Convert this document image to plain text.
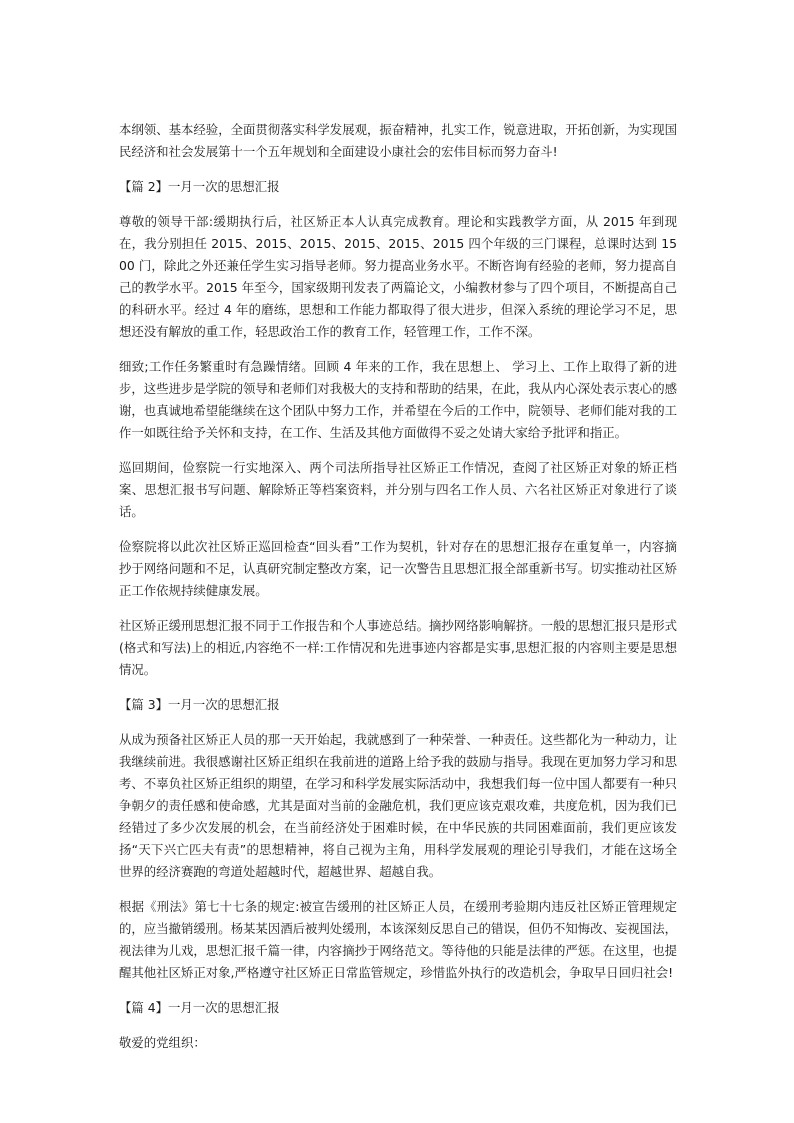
本纲领、基本经验，全面贯彻落实科学发展观，振奋精神，扎实工作，锐意进取，开拓创新，为实现国民经济和社会发展第十一个五年规划和全面建设小康社会的宏伟目标而努力奋斗!

【篇 2】一月一次的思想汇报

尊敬的领导干部:缓期执行后，社区矫正本人认真完成教育。理论和实践教学方面，从 2015 年到现在，我分别担任 2015、2015、2015、2015、2015、2015 四个年级的三门课程，总课时达到 1500 门，除此之外还兼任学生实习指导老师。努力提高业务水平。不断咨询有经验的老师，努力提高自己的教学水平。2015 年至今，国家级期刊发表了两篇论文，小编教材参与了四个项目，不断提高自己的科研水平。经过 4 年的磨练，思想和工作能力都取得了很大进步，但深入系统的理论学习不足，思想还没有解放的重工作，轻思政治工作的教育工作，轻管理工作，工作不深。

细致;工作任务繁重时有急躁情绪。回顾 4 年来的工作，我在思想上、 学习上、工作上取得了新的进步，这些进步是学院的领导和老师们对我极大的支持和帮助的结果，在此，我从内心深处表示衷心的感谢，也真诚地希望能继续在这个团队中努力工作，并希望在今后的工作中，院领导、老师们能对我的工作一如既往给予关怀和支持，在工作、生活及其他方面做得不妥之处请大家给予批评和指正。

巡回期间，俭察院一行实地深入、两个司法所指导社区矫正工作情况，查阅了社区矫正对象的矫正档案、思想汇报书写问题、解除矫正等档案资料，并分别与四名工作人员、六名社区矫正对象进行了谈话。

俭察院将以此次社区矫正巡回检查“回头看”工作为契机，针对存在的思想汇报存在重复单一，内容摘抄于网络问题和不足，认真研究制定整改方案，记一次警告且思想汇报全部重新书写。切实推动社区矫正工作依规持续健康发展。

社区矫正缓刑思想汇报不同于工作报告和个人事迹总结。摘抄网络影响解挤。一般的思想汇报只是形式(格式和写法)上的相近,内容绝不一样:工作情况和先进事迹内容都是实事,思想汇报的内容则主要是思想情况。

【篇 3】一月一次的思想汇报

从成为预备社区矫正人员的那一天开始起，我就感到了一种荣誉、一种责任。这些都化为一种动力，让我继续前进。我很感谢社区矫正组织在我前进的道路上给予我的鼓励与指导。我现在更加努力学习和思考、不辜负社区矫正组织的期望，在学习和科学发展实际活动中，我想我们每一位中国人都要有一种只争朝夕的责任感和使命感，尤其是面对当前的金融危机，我们更应该克艰攻难，共度危机，因为我们已经错过了多少次发展的机会，在当前经济处于困难时候，在中华民族的共同困难面前，我们更应该发扬“天下兴亡匹夫有责”的思想精神，将自己视为主角，用科学发展观的理论引导我们，才能在这场全世界的经济赛跑的弯道处超越时代，超越世界、超越自我。

根据《刑法》第七十七条的规定:被宣告缓刑的社区矫正人员，在缓刑考验期内违反社区矫正管理规定的，应当撤销缓刑。杨某某因酒后被判处缓刑，本该深刻反思自己的错误，但仍不知悔改、妄视国法，视法律为儿戏，思想汇报千篇一律，内容摘抄于网络范文。等待他的只能是法律的严惩。在这里，也提醒其他社区矫正对象,严格遵守社区矫正日常监管规定，珍惜监外执行的改造机会，争取早日回归社会!

【篇 4】一月一次的思想汇报

敬爱的党组织：
